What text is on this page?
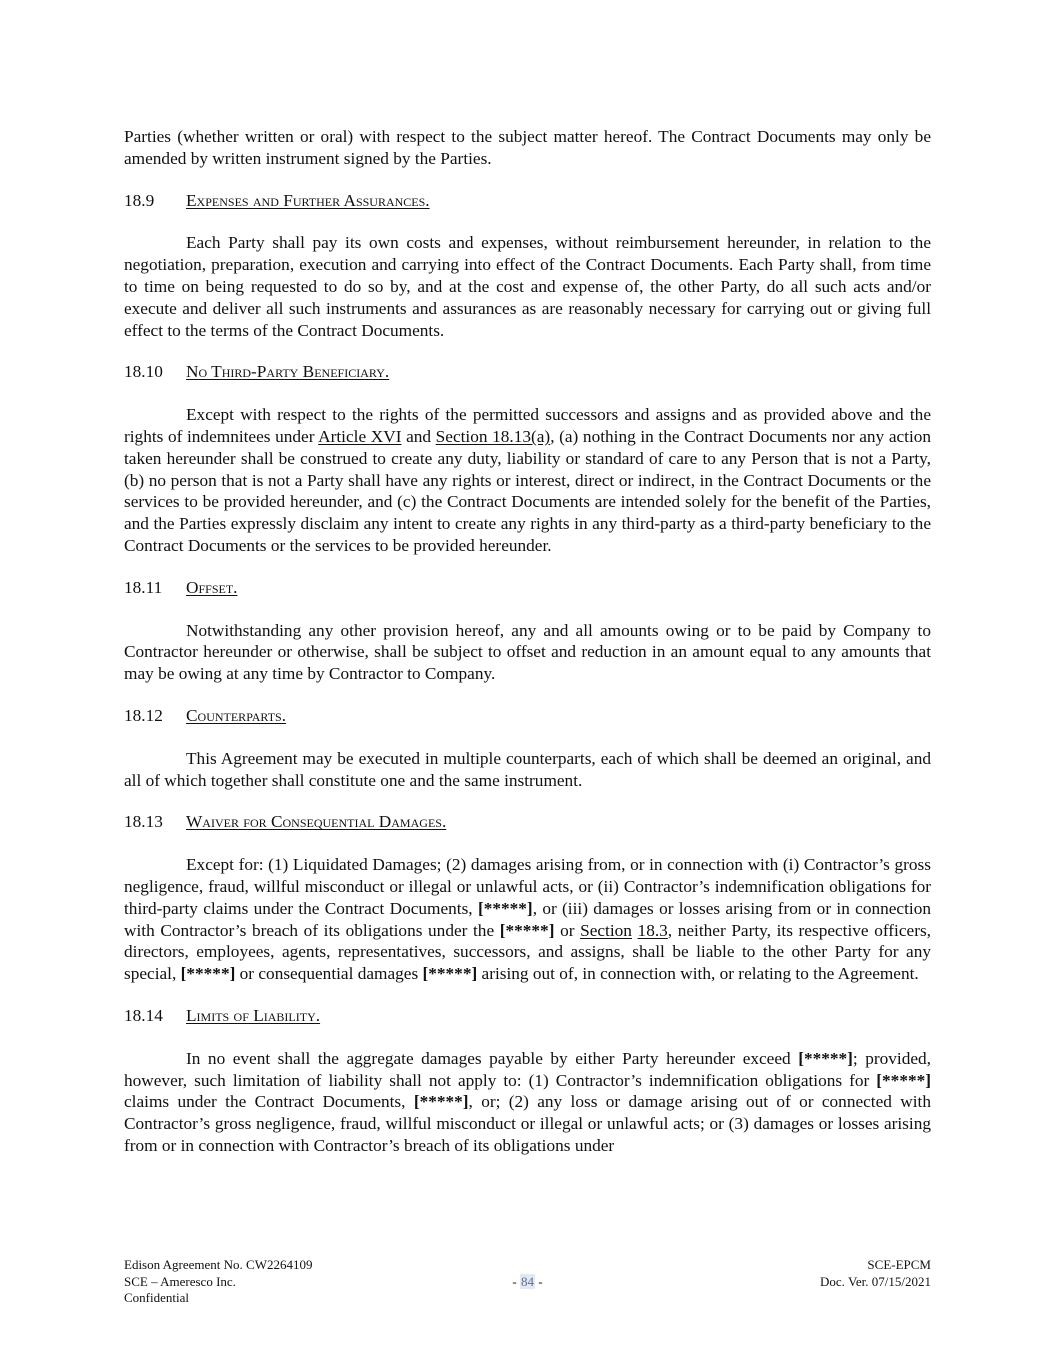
Parties (whether written or oral) with respect to the subject matter hereof. The Contract Documents may only be amended by written instrument signed by the Parties.

18.9 Expenses and Further Assurances.

Each Party shall pay its own costs and expenses, without reimbursement hereunder, in relation to the negotiation, preparation, execution and carrying into effect of the Contract Documents. Each Party shall, from time to time on being requested to do so by, and at the cost and expense of, the other Party, do all such acts and/or execute and deliver all such instruments and assurances as are reasonably necessary for carrying out or giving full effect to the terms of the Contract Documents.

18.10 No Third-Party Beneficiary.

Except with respect to the rights of the permitted successors and assigns and as provided above and the rights of indemnitees under Article XVI and Section 18.13(a), (a) nothing in the Contract Documents nor any action taken hereunder shall be construed to create any duty, liability or standard of care to any Person that is not a Party, (b) no person that is not a Party shall have any rights or interest, direct or indirect, in the Contract Documents or the services to be provided hereunder, and (c) the Contract Documents are intended solely for the benefit of the Parties, and the Parties expressly disclaim any intent to create any rights in any third-party as a third-party beneficiary to the Contract Documents or the services to be provided hereunder.

18.11 Offset.

Notwithstanding any other provision hereof, any and all amounts owing or to be paid by Company to Contractor hereunder or otherwise, shall be subject to offset and reduction in an amount equal to any amounts that may be owing at any time by Contractor to Company.

18.12 Counterparts.

This Agreement may be executed in multiple counterparts, each of which shall be deemed an original, and all of which together shall constitute one and the same instrument.

18.13 Waiver for Consequential Damages.

Except for: (1) Liquidated Damages; (2) damages arising from, or in connection with (i) Contractor’s gross negligence, fraud, willful misconduct or illegal or unlawful acts, or (ii) Contractor’s indemnification obligations for third-party claims under the Contract Documents, [*****], or (iii) damages or losses arising from or in connection with Contractor’s breach of its obligations under the [*****] or Section 18.3, neither Party, its respective officers, directors, employees, agents, representatives, successors, and assigns, shall be liable to the other Party for any special, [*****] or consequential damages [*****] arising out of, in connection with, or relating to the Agreement.

18.14 Limits of Liability.

In no event shall the aggregate damages payable by either Party hereunder exceed [*****]; provided, however, such limitation of liability shall not apply to: (1) Contractor’s indemnification obligations for [*****] claims under the Contract Documents, [*****], or; (2) any loss or damage arising out of or connected with Contractor’s gross negligence, fraud, willful misconduct or illegal or unlawful acts; or (3) damages or losses arising from or in connection with Contractor’s breach of its obligations under

Edison Agreement No. CW2264109	SCE-EPCM
SCE – Ameresco Inc.	- 84 -	Doc. Ver. 07/15/2021
Confidential
